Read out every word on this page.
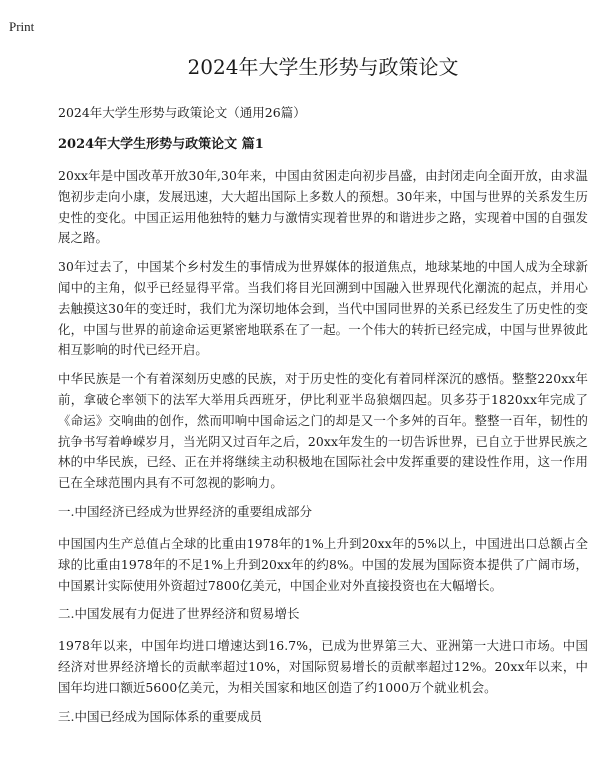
Print
2024年大学生形势与政策论文
2024年大学生形势与政策论文（通用26篇）
2024年大学生形势与政策论文 篇1

20xx年是中国改革开放30年,30年来，中国由贫困走向初步昌盛，由封闭走向全面开放，由求温饱初步走向小康，发展迅速，大大超出国际上多数人的预想。30年来，中国与世界的关系发生历史性的变化。中国正运用他独特的魅力与激情实现着世界的和谐进步之路，实现着中国的自强发展之路。

30年过去了，中国某个乡村发生的事情成为世界媒体的报道焦点，地球某地的中国人成为全球新闻中的主角，似乎已经显得平常。当我们将目光回溯到中国融入世界现代化潮流的起点，并用心去触摸这30年的变迁时，我们尤为深切地体会到，当代中国同世界的关系已经发生了历史性的变化，中国与世界的前途命运更紧密地联系在了一起。一个伟大的转折已经完成，中国与世界彼此相互影响的时代已经开启。

中华民族是一个有着深刻历史感的民族，对于历史性的变化有着同样深沉的感悟。整整220xx年前，拿破仑率领下的法军大举用兵西班牙，伊比利亚半岛狼烟四起。贝多芬于1820xx年完成了《命运》交响曲的创作，然而叩响中国命运之门的却是又一个多舛的百年。整整一百年，韧性的抗争书写着峥嵘岁月，当光阴又过百年之后，20xx年发生的一切告诉世界，已自立于世界民族之林的中华民族，已经、正在并将继续主动积极地在国际社会中发挥重要的建设性作用，这一作用已在全球范围内具有不可忽视的影响力。

一.中国经济已经成为世界经济的重要组成部分

中国国内生产总值占全球的比重由1978年的1%上升到20xx年的5%以上，中国进出口总额占全球的比重由1978年的不足1%上升到20xx年的约8%。中国的发展为国际资本提供了广阔市场，中国累计实际使用外资超过7800亿美元，中国企业对外直接投资也在大幅增长。

二.中国发展有力促进了世界经济和贸易增长

1978年以来，中国年均进口增速达到16.7%，已成为世界第三大、亚洲第一大进口市场。中国经济对世界经济增长的贡献率超过10%，对国际贸易增长的贡献率超过12%。20xx年以来，中国年均进口额近5600亿美元，为相关国家和地区创造了约1000万个就业机会。

三.中国已经成为国际体系的重要成员
